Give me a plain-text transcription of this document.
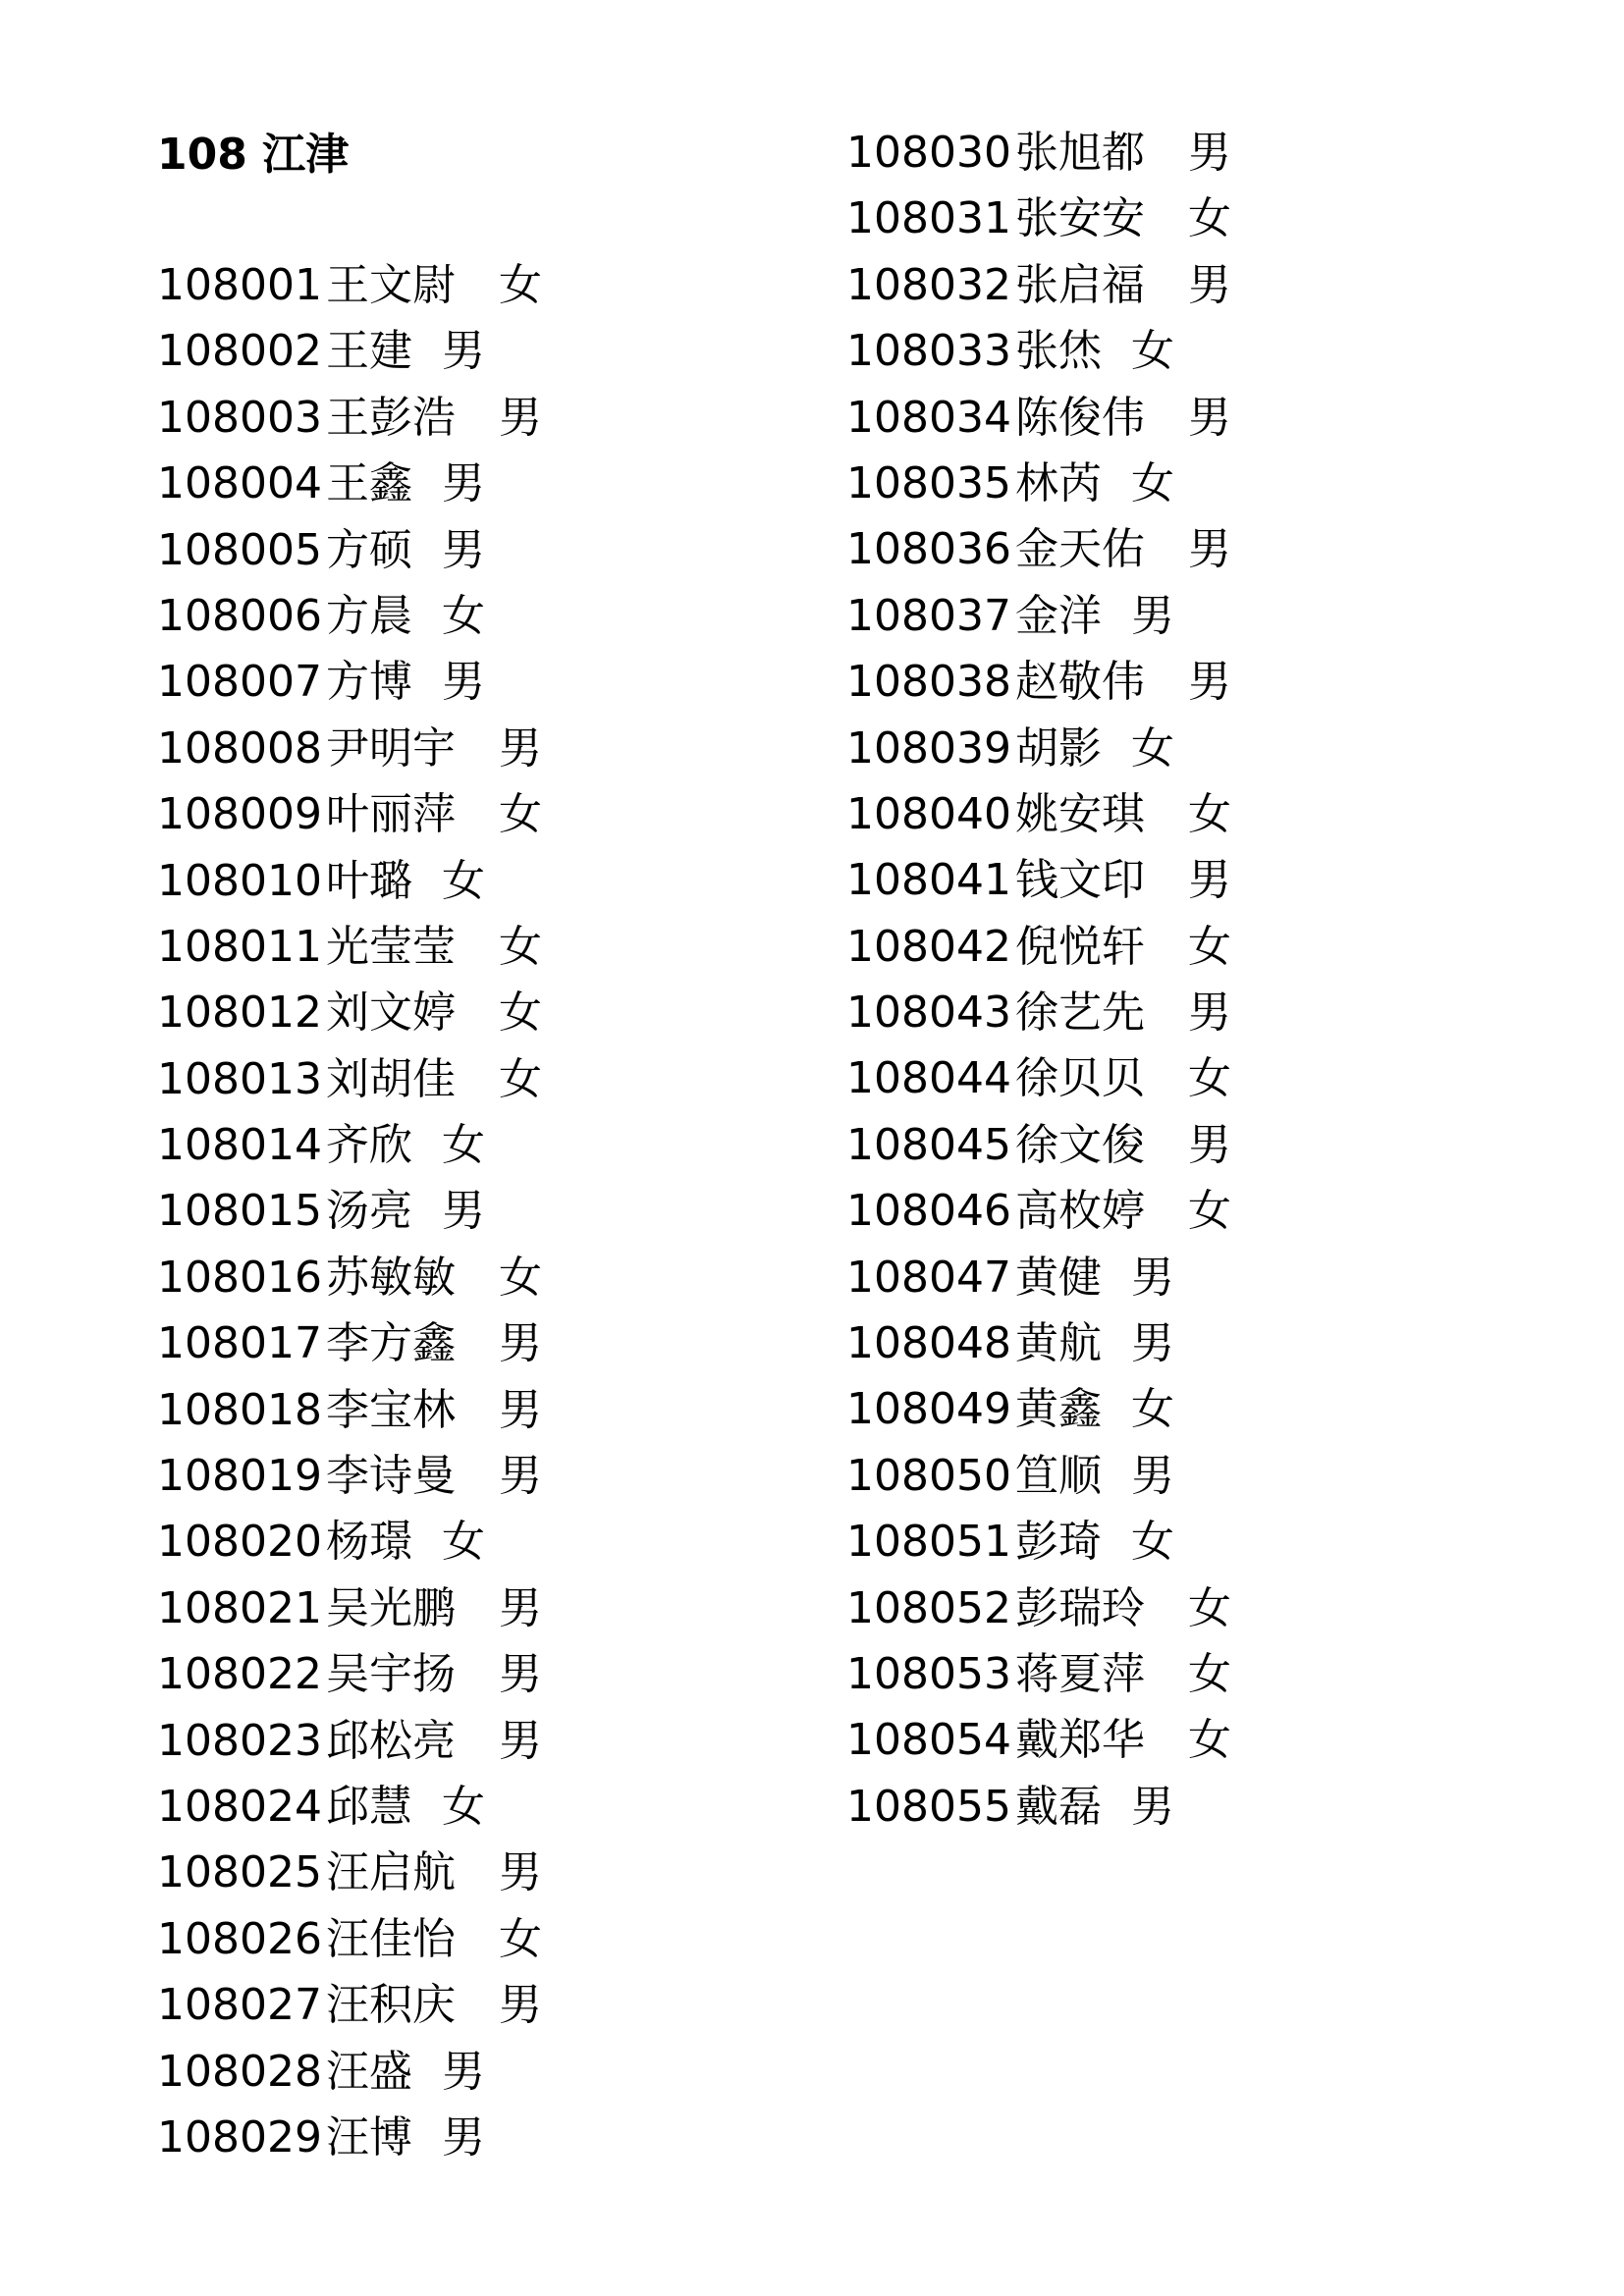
108 江津
108001王文尉 女
108002王建 男
108003王彭浩 男
108004王鑫 男
108005方硕 男
108006方晨 女
108007方博 男
108008尹明宇 男
108009叶丽萍 女
108010叶璐 女
108011光莹莹 女
108012刘文婷 女
108013刘胡佳 女
108014齐欣 女
108015汤亮 男
108016苏敏敏 女
108017李方鑫 男
108018李宝林 男
108019李诗曼 男
108020杨璟 女
108021吴光鹏 男
108022吴宇扬 男
108023邱松亮 男
108024邱慧 女
108025汪启航 男
108026汪佳怡 女
108027汪积庆 男
108028汪盛 男
108029汪博 男
108030张旭都 男
108031张安安 女
108032张启福 男
108033张烋 女
108034陈俊伟 男
108035林芮 女
108036金天佑 男
108037金洋 男
108038赵敬伟 男
108039胡影 女
108040姚安琪 女
108041钱文印 男
108042倪悦轩 女
108043徐艺先 男
108044徐贝贝 女
108045徐文俊 男
108046高枚婷 女
108047黄健 男
108048黄航 男
108049黄鑫 女
108050笪顺 男
108051彭琦 女
108052彭瑞玲 女
108053蒋夏萍 女
108054戴郑华 女
108055戴磊 男
